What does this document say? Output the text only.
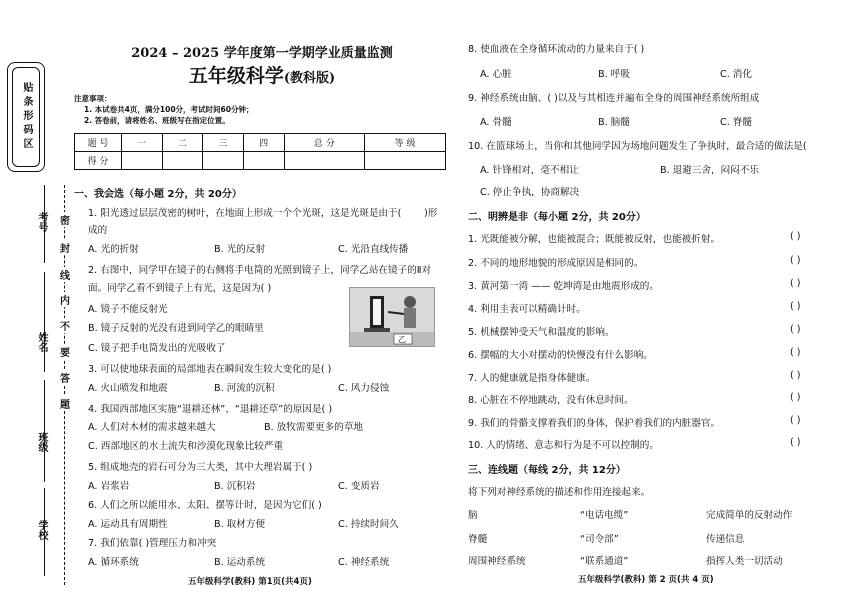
贴条形码区
考号
姓名
班级
学校
密
封
线
内
不
要
答
题
2024 – 2025 学年度第一学期学业质量监测
五年级科学(教科版)
注意事项：
1. 本试卷共4页，满分100分，考试时间60分钟；
2. 答卷前，请将姓名、班级写在指定位置。
题 号	一	二	三	四	总 分	等 级
得 分						
一、我会选（每小题 2分，共 20分）
1. 阳光透过层层茂密的树叶，在地面上形成一个个光斑，这是光斑是由于( )形
成的
A. 光的折射	B. 光的反射	C. 光沿直线传播
2. 右图中，同学甲在镜子的右侧将手电筒的光照到镜子上，同学乙站在镜子的Ⅱ对
面。同学乙看不到镜子上有光，这是因为( )
A. 镜子不能反射光
B. 镜子反射的光没有进到同学乙的眼睛里
C. 镜子把手电筒发出的光吸收了
乙
3. 可以使地球表面的局部地表在瞬间发生较大变化的是( )
A. 火山喷发和地震	B. 河流的沉积	C. 风力侵蚀
4. 我国西部地区实施“退耕还林”、“退耕还草”的原因是( )
A. 人们对木材的需求越来越大	B. 放牧需要更多的草地
C. 西部地区的水土流失和沙漠化现象比较严重
5. 组成地壳的岩石可分为三大类，其中大理岩属于( )
A. 岩浆岩	B. 沉积岩	C. 变质岩
6. 人们之所以能用水、太阳、摆等计时，是因为它们( )
A. 运动具有周期性	B. 取材方便	C. 持续时间久
7. 我们依靠( )管理压力和冲突
A. 循环系统	B. 运动系统	C. 神经系统
五年级科学(教科) 第1页(共4页)
8. 使血液在全身循环流动的力量来自于( )
A. 心脏	B. 呼吸	C. 消化
9. 神经系统由脑、( )以及与其相连并遍布全身的周围神经系统所组成
A. 骨髓	B. 脑髓	C. 脊髓
10. 在篮球场上，当你和其他同学因为场地问题发生了争执时，最合适的做法是(
A. 针锋相对，毫不相让	B. 退避三舍，闷闷不乐
C. 停止争执，协商解决
二、明辨是非（每小题 2分，共 20分）
1. 光既能被分解，也能被混合；既能被反射，也能被折射。	( )
2. 不同的地形地貌的形成原因是相同的。	( )
3. 黄河第一湾 —— 乾坤湾是由地震形成的。	( )
4. 利用圭表可以精确计时。	( )
5. 机械摆钟受天气和温度的影响。	( )
6. 摆幅的大小对摆动的快慢没有什么影响。	( )
7. 人的健康就是指身体健康。	( )
8. 心脏在不停地跳动，没有休息时间。	( )
9. 我们的骨骼支撑着我们的身体，保护着我们的内脏器官。	( )
10. 人的情绪、意志和行为是不可以控制的。	( )
三、连线题（每线 2分，共 12分）
将下列对神经系统的描述和作用连接起来。
脑	“电话电缆”	完成简单的反射动作
脊髓	“司令部”	传递信息
周围神经系统	“联系通道”	指挥人类一切活动
五年级科学(教科) 第 2 页(共 4 页)
